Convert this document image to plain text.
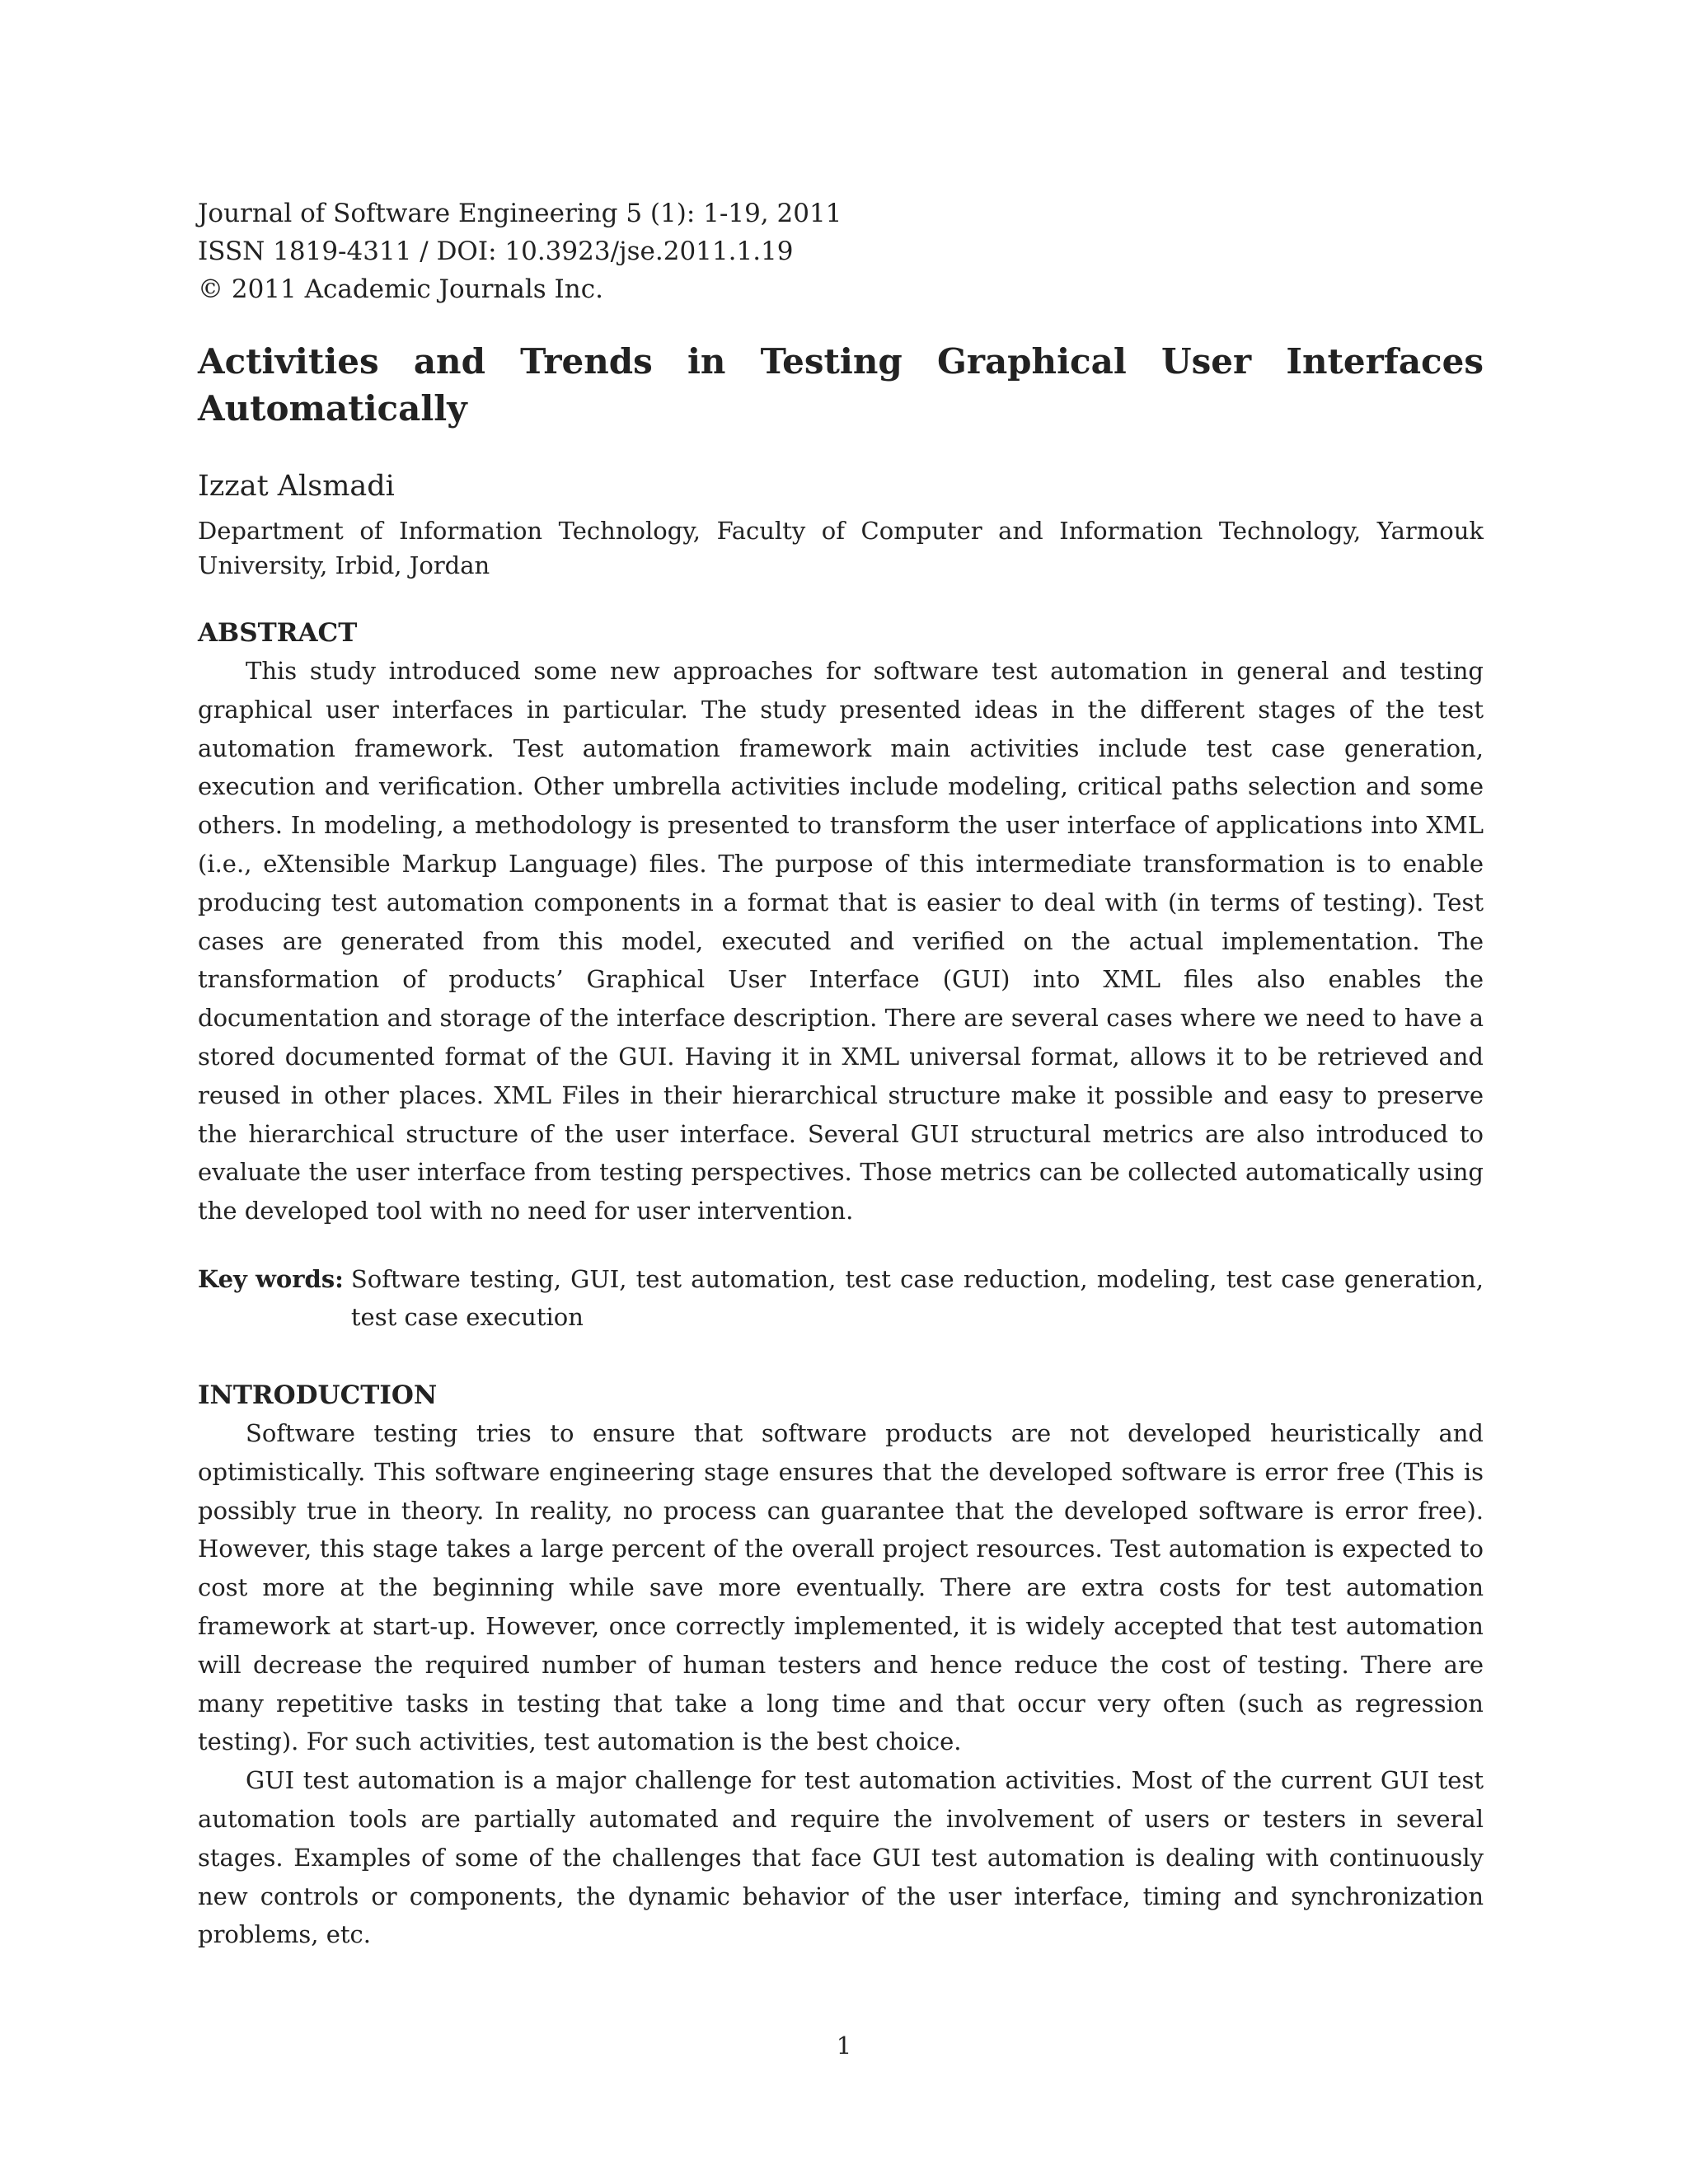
Journal of Software Engineering 5 (1): 1-19, 2011
ISSN 1819-4311 / DOI: 10.3923/jse.2011.1.19
© 2011 Academic Journals Inc.
Activities and Trends in Testing Graphical User Interfaces Automatically
Izzat Alsmadi
Department of Information Technology, Faculty of Computer and Information Technology, Yarmouk University, Irbid, Jordan
ABSTRACT

This study introduced some new approaches for software test automation in general and testing graphical user interfaces in particular. The study presented ideas in the different stages of the test automation framework. Test automation framework main activities include test case generation, execution and verification. Other umbrella activities include modeling, critical paths selection and some others. In modeling, a methodology is presented to transform the user interface of applications into XML (i.e., eXtensible Markup Language) files. The purpose of this intermediate transformation is to enable producing test automation components in a format that is easier to deal with (in terms of testing). Test cases are generated from this model, executed and verified on the actual implementation. The transformation of products’ Graphical User Interface (GUI) into XML files also enables the documentation and storage of the interface description. There are several cases where we need to have a stored documented format of the GUI. Having it in XML universal format, allows it to be retrieved and reused in other places. XML Files in their hierarchical structure make it possible and easy to preserve the hierarchical structure of the user interface. Several GUI structural metrics are also introduced to evaluate the user interface from testing perspectives. Those metrics can be collected automatically using the developed tool with no need for user intervention.

Key words: Software testing, GUI, test automation, test case reduction, modeling, test case generation, test case execution
INTRODUCTION

Software testing tries to ensure that software products are not developed heuristically and optimistically. This software engineering stage ensures that the developed software is error free (This is possibly true in theory. In reality, no process can guarantee that the developed software is error free). However, this stage takes a large percent of the overall project resources. Test automation is expected to cost more at the beginning while save more eventually. There are extra costs for test automation framework at start-up. However, once correctly implemented, it is widely accepted that test automation will decrease the required number of human testers and hence reduce the cost of testing. There are many repetitive tasks in testing that take a long time and that occur very often (such as regression testing). For such activities, test automation is the best choice.

GUI test automation is a major challenge for test automation activities. Most of the current GUI test automation tools are partially automated and require the involvement of users or testers in several stages. Examples of some of the challenges that face GUI test automation is dealing with continuously new controls or components, the dynamic behavior of the user interface, timing and synchronization problems, etc.

1
